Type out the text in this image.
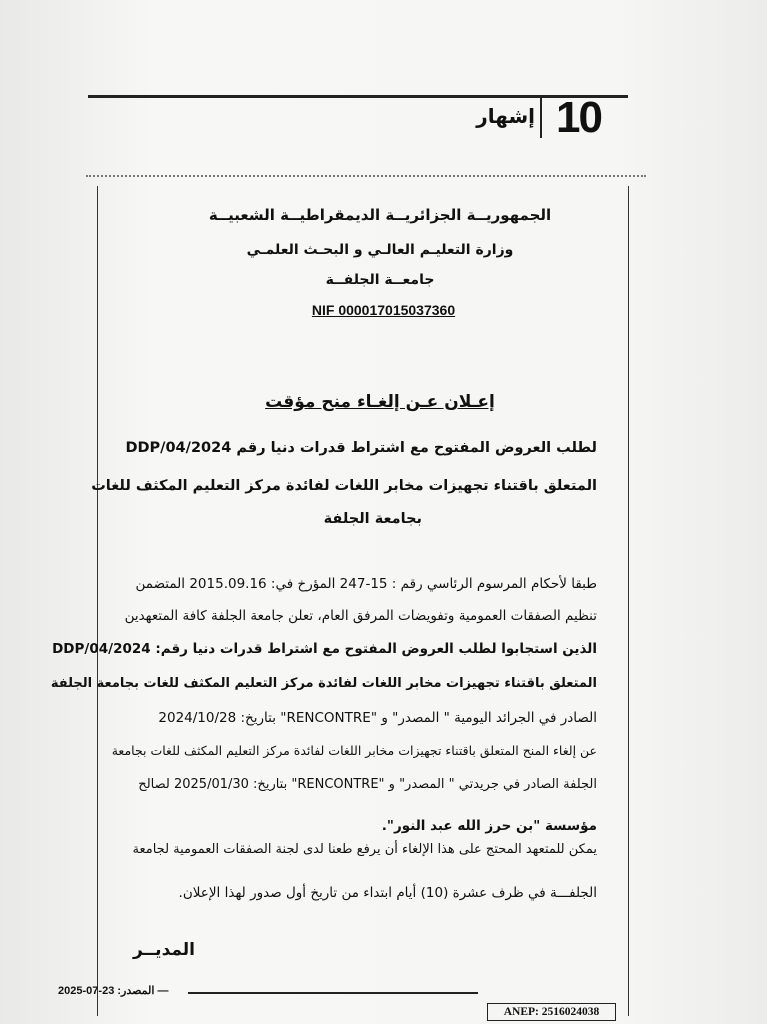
10
إشهار
الجمهوريــة الجزائريــة الديمقراطيــة الشعبيــة
وزارة التعليـم العالـي و البحـث العلمـي
جامعــة الجلفــة
NIF 000017015037360
إعـلان عـن إلغـاء منح مؤقت
لطلب العروض المفتوح مع اشتراط قدرات دنيا رقم 2024/DDP/04
المتعلق باقتناء تجهيزات مخابر اللغات لفائدة مركز التعليم المكثف للغات
بجامعة الجلفة
طبقا لأحكام المرسوم الرئاسي رقم : 15-247 المؤرخ في: 2015.09.16 المتضمن
تنظيم الصفقات العمومية وتفويضات المرفق العام، تعلن جامعة الجلفة كافة المتعهدين
الذين استجابوا لطلب العروض المفتوح مع اشتراط قدرات دنيا رقم: 2024/DDP/04
المتعلق باقتناء تجهيزات مخابر اللغات لفائدة مركز التعليم المكثف للغات بجامعة الجلفة
الصادر في الجرائد اليومية " المصدر" و "RENCONTRE" بتاريخ: 2024/10/28
عن إلغاء المنح المتعلق باقتناء تجهيزات مخابر اللغات لفائدة مركز التعليم المكثف للغات بجامعة
الجلفة الصادر في جريدتي " المصدر" و "RENCONTRE" بتاريخ: 2025/01/30 لصالح
مؤسسة "بن حرز الله عبد النور".
يمكن للمتعهد المحتج على هذا الإلغاء أن يرفع طعنا لدى لجنة الصفقات العمومية لجامعة
الجلفـــة في ظرف عشرة (10) أيام ابتداء من تاريخ أول صدور لهذا الإعلان.
المديــر
المصدر: 23-07-2025 —
ANEP: 2516024038
